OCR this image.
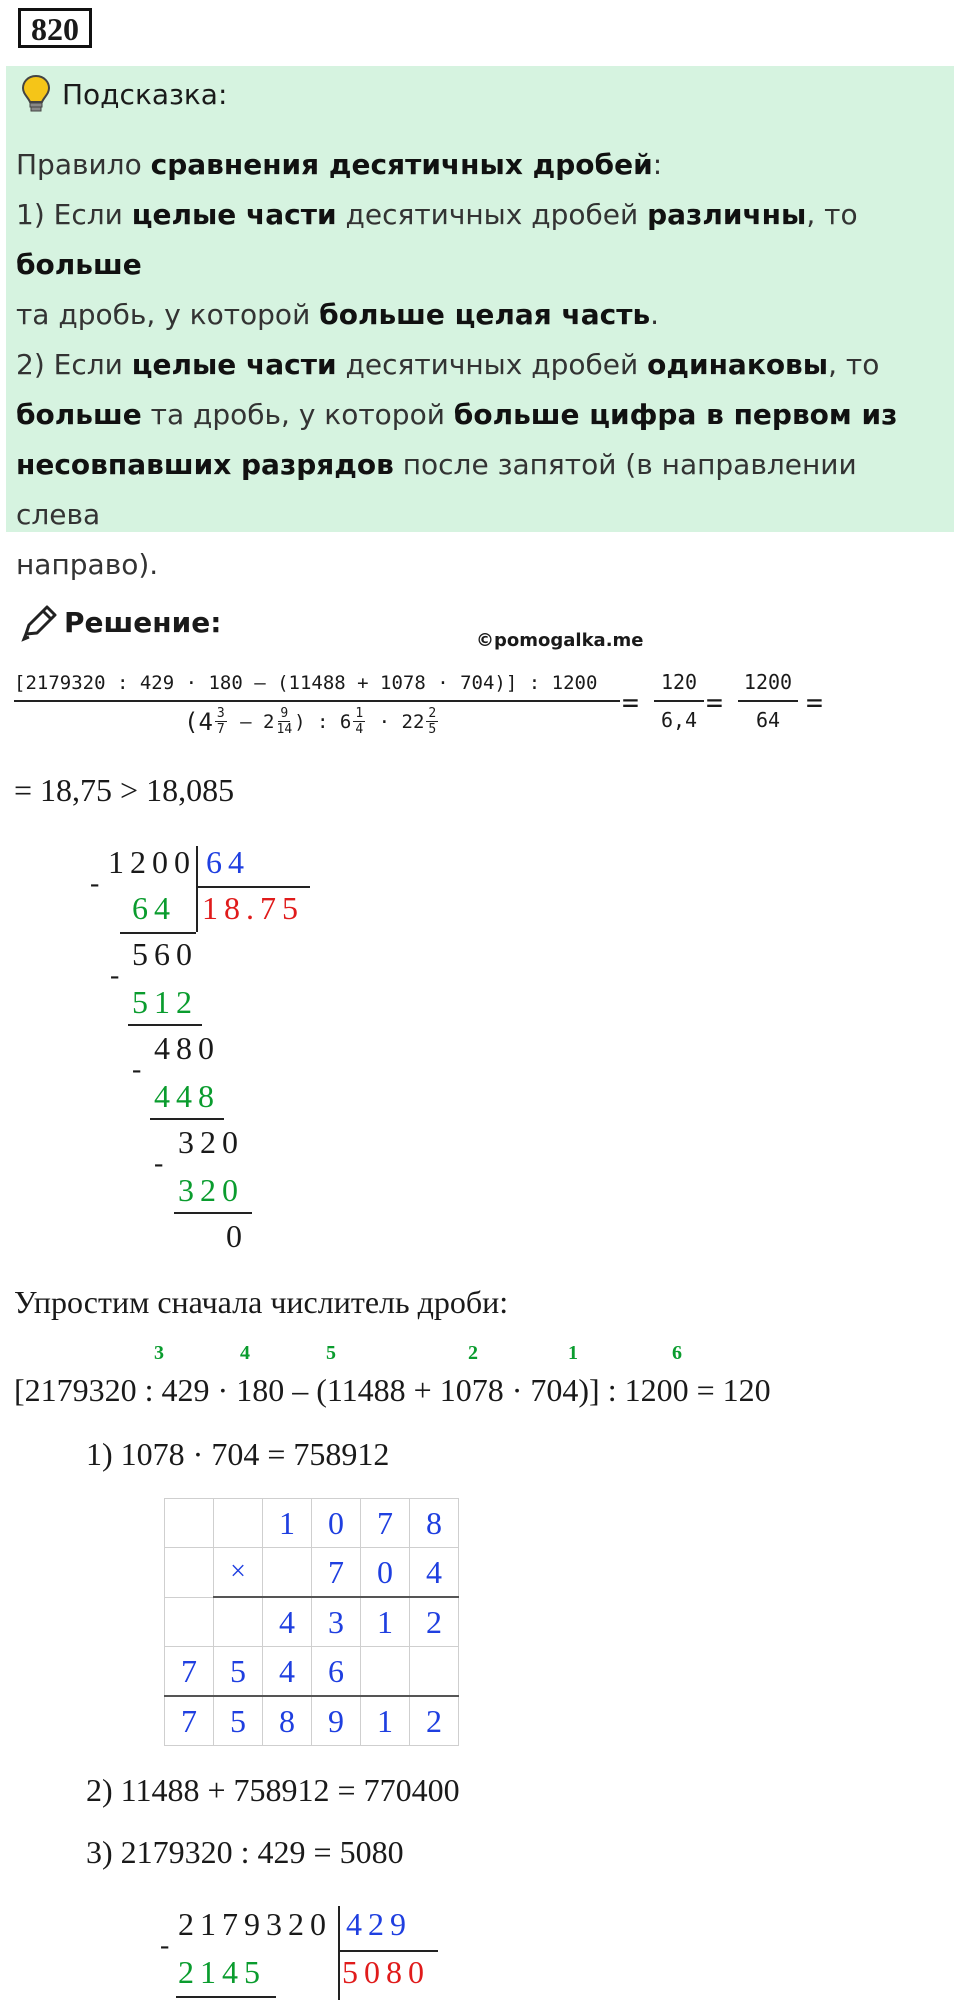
820
Подсказка:
Правило сравнения десятичных дробей:
1) Если целые части десятичных дробей различны, то больше
та дробь, у которой больше целая часть.
2) Если целые части десятичных дробей одинаковы, то
больше та дробь, у которой больше цифра в первом из
несовпавших разрядов после запятой (в направлении слева
направо).
Решение:
©pomogalka.me
[2179320 : 429 · 180 – (11488 + 1078 · 704)] : 1200
($4 \frac{3}{7} - 2 \frac{9}{14}$ ) : $6 \frac{1}{4} \cdot 22 \frac{2}{5}$
=
120
6,4
=
1200
64
=
= 18,75 > 18,085
1200 64
18.75
-
64
560
-
512
480
-
448
320
-
320
0
Упростим сначала числитель дроби:
3	4	5	2	1	6
[2179320 : 429 · 180 – (11488 + 1078 · 704)] : 1200 = 120
1) 1078 · 704 = 758912
		1	0	7	8
	×		7	0	4
		4	3	1	2
7	5	4	6		
7	5	8	9	1	2
2) 11488 + 758912 = 770400
3) 2179320 : 429 = 5080
2179320 429
5080
-
2145
